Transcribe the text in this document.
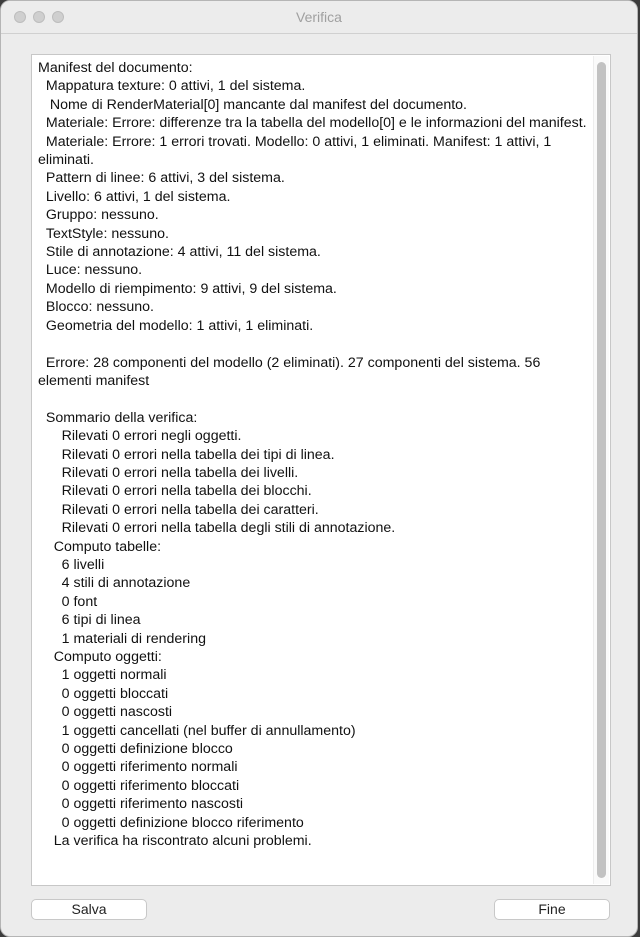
Verifica
Manifest del documento:
Mappatura texture: 0 attivi, 1 del sistema.
Nome di RenderMaterial[0] mancante dal manifest del documento.
Materiale: Errore: differenze tra la tabella del modello[0] e le informazioni del manifest.
Materiale: Errore: 1 errori trovati. Modello: 0 attivi, 1 eliminati. Manifest: 1 attivi, 1 eliminati.
Pattern di linee: 6 attivi, 3 del sistema.
Livello: 6 attivi, 1 del sistema.
Gruppo: nessuno.
TextStyle: nessuno.
Stile di annotazione: 4 attivi, 11 del sistema.
Luce: nessuno.
Modello di riempimento: 9 attivi, 9 del sistema.
Blocco: nessuno.
Geometria del modello: 1 attivi, 1 eliminati.

Errore: 28 componenti del modello (2 eliminati). 27 componenti del sistema. 56 elementi manifest

Sommario della verifica:
Rilevati 0 errori negli oggetti.
Rilevati 0 errori nella tabella dei tipi di linea.
Rilevati 0 errori nella tabella dei livelli.
Rilevati 0 errori nella tabella dei blocchi.
Rilevati 0 errori nella tabella dei caratteri.
Rilevati 0 errori nella tabella degli stili di annotazione.
Computo tabelle:
6 livelli
4 stili di annotazione
0 font
6 tipi di linea
1 materiali di rendering
Computo oggetti:
1 oggetti normali
0 oggetti bloccati
0 oggetti nascosti
1 oggetti cancellati (nel buffer di annullamento)
0 oggetti definizione blocco
0 oggetti riferimento normali
0 oggetti riferimento bloccati
0 oggetti riferimento nascosti
0 oggetti definizione blocco riferimento
La verifica ha riscontrato alcuni problemi.

Salva	Fine
